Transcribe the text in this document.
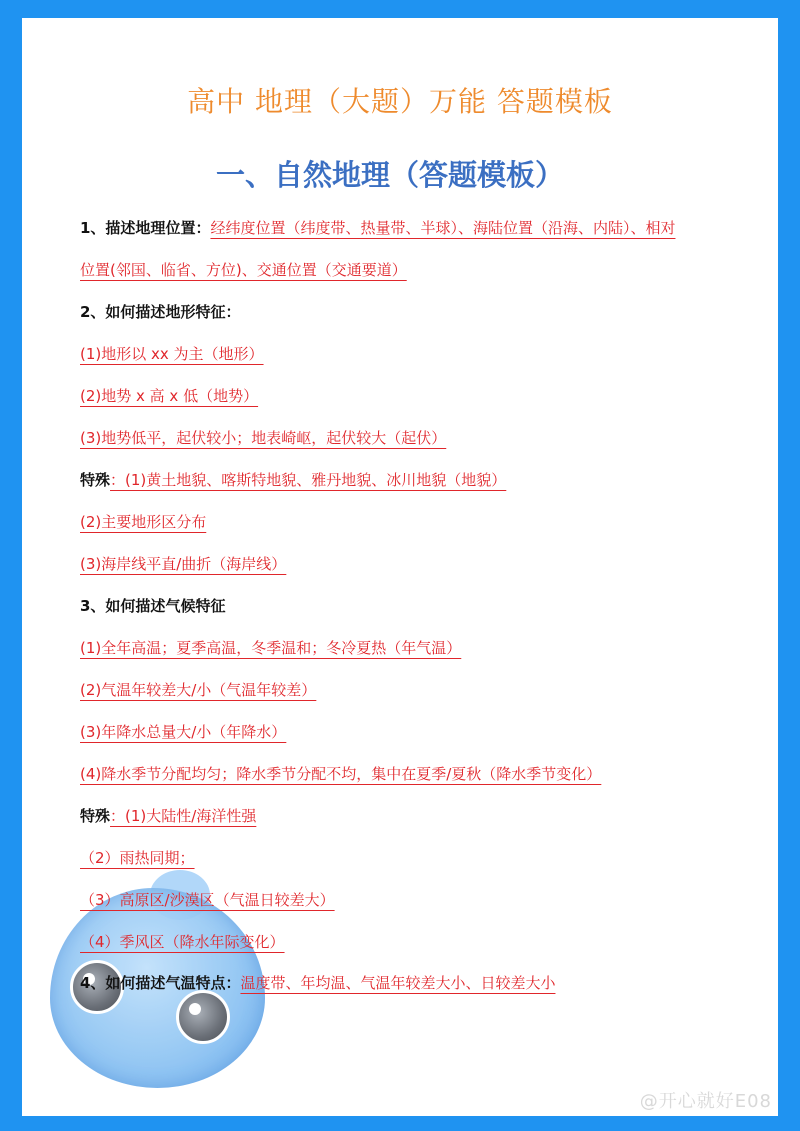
高中 地理（大题）万能 答题模板
一、自然地理（答题模板）
1、描述地理位置：经纬度位置（纬度带、热量带、半球）、海陆位置（沿海、内陆）、相对
位置(邻国、临省、方位)、交通位置（交通要道）
2、如何描述地形特征：
(1)地形以 xx 为主（地形）
(2)地势 x 高 x 低（地势）
(3)地势低平，起伏较小；地表崎岖，起伏较大（起伏）
特殊：(1)黄土地貌、喀斯特地貌、雅丹地貌、冰川地貌（地貌）
(2)主要地形区分布
(3)海岸线平直/曲折（海岸线）
3、如何描述气候特征
(1)全年高温；夏季高温，冬季温和；冬冷夏热（年气温）
(2)气温年较差大/小（气温年较差）
(3)年降水总量大/小（年降水）
(4)降水季节分配均匀；降水季节分配不均，集中在夏季/夏秋（降水季节变化）
特殊：(1)大陆性/海洋性强
（2）雨热同期；
（3）高原区/沙漠区（气温日较差大）
（4）季风区（降水年际变化）
4、如何描述气温特点：温度带、年均温、气温年较差大小、日较差大小
@开心就好E08
